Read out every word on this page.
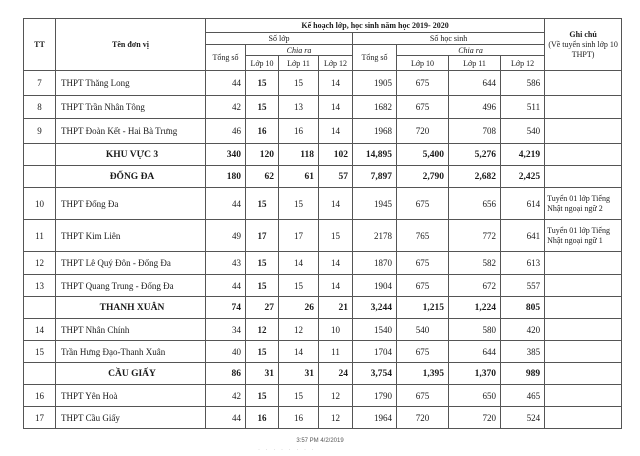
TT	Tên đơn vị	Kế hoạch lớp, học sinh năm học 2019- 2020								Ghi chú
(Về tuyển sinh lớp 10 THPT)

		Số lớp				Số học sinh				
		Tổng số	Chia ra			Tổng số	Chia ra			
			Lớp 10	Lớp 11	Lớp 12		Lớp 10	Lớp 11	Lớp 12	
7	THPT Thăng Long	44	15	15	14	1905	675	644	586	
8	THPT Trần Nhân Tông	42	15	13	14	1682	675	496	511	
9	THPT Đoàn Kết - Hai Bà Trưng	46	16	16	14	1968	720	708	540	
	KHU VỰC 3	340	120	118	102	14,895	5,400	5,276	4,219	
	ĐỐNG ĐA	180	62	61	57	7,897	2,790	2,682	2,425	
10	THPT Đống Đa	44	15	15	14	1945	675	656	614	Tuyển 01 lớp Tiếng Nhật ngoại ngữ 2
11	THPT Kim Liên	49	17	17	15	2178	765	772	641	Tuyển 01 lớp Tiếng Nhật ngoại ngữ 1
12	THPT Lê Quý Đôn - Đống Đa	43	15	14	14	1870	675	582	613	
13	THPT Quang Trung - Đống Đa	44	15	15	14	1904	675	672	557	
	THANH XUÂN	74	27	26	21	3,244	1,215	1,224	805	
14	THPT Nhân Chính	34	12	12	10	1540	540	580	420	
15	Trần Hưng Đạo-Thanh Xuân	40	15	14	11	1704	675	644	385	
	CẦU GIẤY	86	31	31	24	3,754	1,395	1,370	989	
16	THPT Yên Hoà	42	15	15	12	1790	675	650	465	
17	THPT Cầu Giấy	44	16	16	12	1964	720	720	524	
3:57 PM 4/2/2019
· · · · · · · ·
